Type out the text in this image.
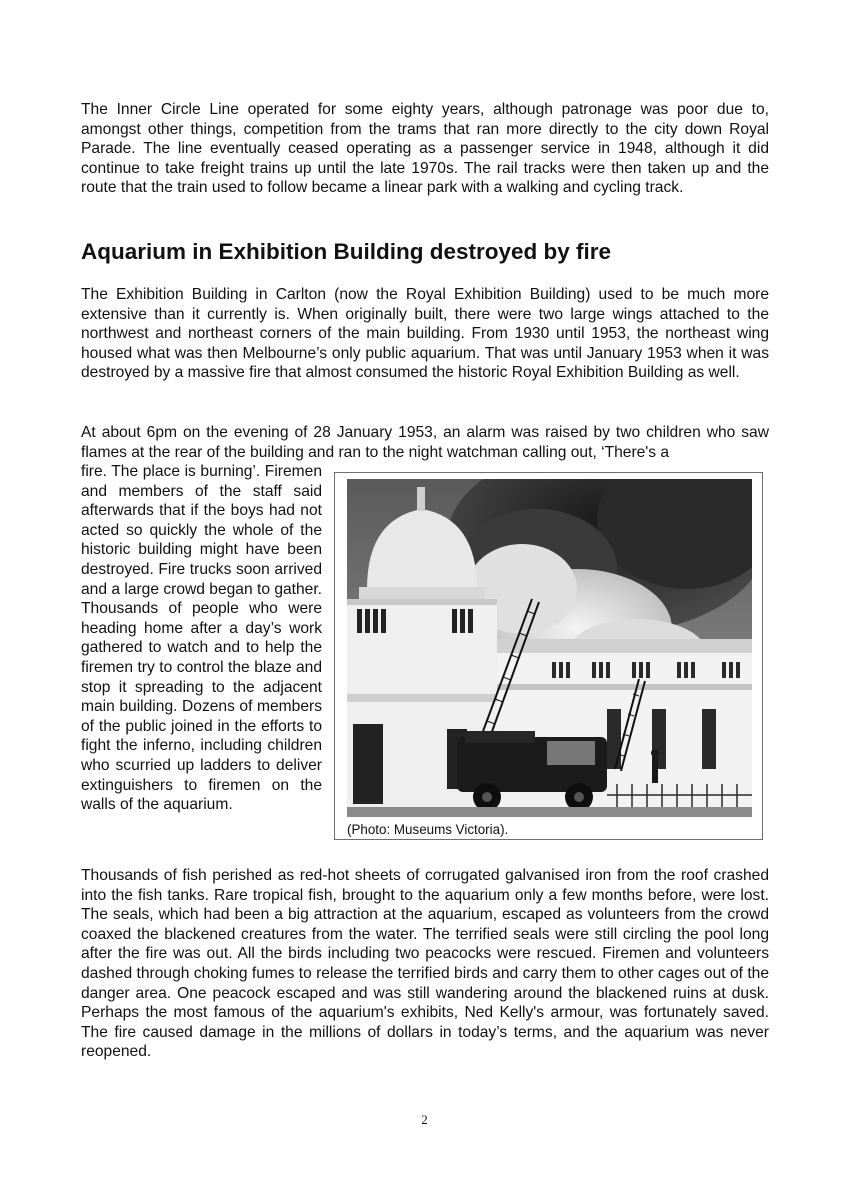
The Inner Circle Line operated for some eighty years, although patronage was poor due to, amongst other things, competition from the trams that ran more directly to the city down Royal Parade. The line eventually ceased operating as a passenger service in 1948, although it did continue to take freight trains up until the late 1970s. The rail tracks were then taken up and the route that the train used to follow became a linear park with a walking and cycling track.

Aquarium in Exhibition Building destroyed by fire

The Exhibition Building in Carlton (now the Royal Exhibition Building) used to be much more extensive than it currently is. When originally built, there were two large wings attached to the northwest and northeast corners of the main building. From 1930 until 1953, the northeast wing housed what was then Melbourne’s only public aquarium. That was until January 1953 when it was destroyed by a massive fire that almost consumed the historic Royal Exhibition Building as well.

At about 6pm on the evening of 28 January 1953, an alarm was raised by two children who saw flames at the rear of the building and ran to the night watchman calling out, ‘There's a

fire. The place is burning’. Firemen and members of the staff said afterwards that if the boys had not acted so quickly the whole of the historic building might have been destroyed. Fire trucks soon arrived and a large crowd began to gather. Thousands of people who were heading home after a day’s work gathered to watch and to help the firemen try to control the blaze and stop it spreading to the adjacent main building. Dozens of members of the public joined in the efforts to fight the inferno, including children who scurried up ladders to deliver extinguishers to firemen on the walls of the aquarium.

(Photo: Museums Victoria).

Thousands of fish perished as red-hot sheets of corrugated galvanised iron from the roof crashed into the fish tanks. Rare tropical fish, brought to the aquarium only a few months before, were lost. The seals, which had been a big attraction at the aquarium, escaped as volunteers from the crowd coaxed the blackened creatures from the water. The terrified seals were still circling the pool long after the fire was out. All the birds including two peacocks were rescued. Firemen and volunteers dashed through choking fumes to release the terrified birds and carry them to other cages out of the danger area. One peacock escaped and was still wandering around the blackened ruins at dusk. Perhaps the most famous of the aquarium's exhibits, Ned Kelly's armour, was fortunately saved. The fire caused damage in the millions of dollars in today’s terms, and the aquarium was never reopened.

2
